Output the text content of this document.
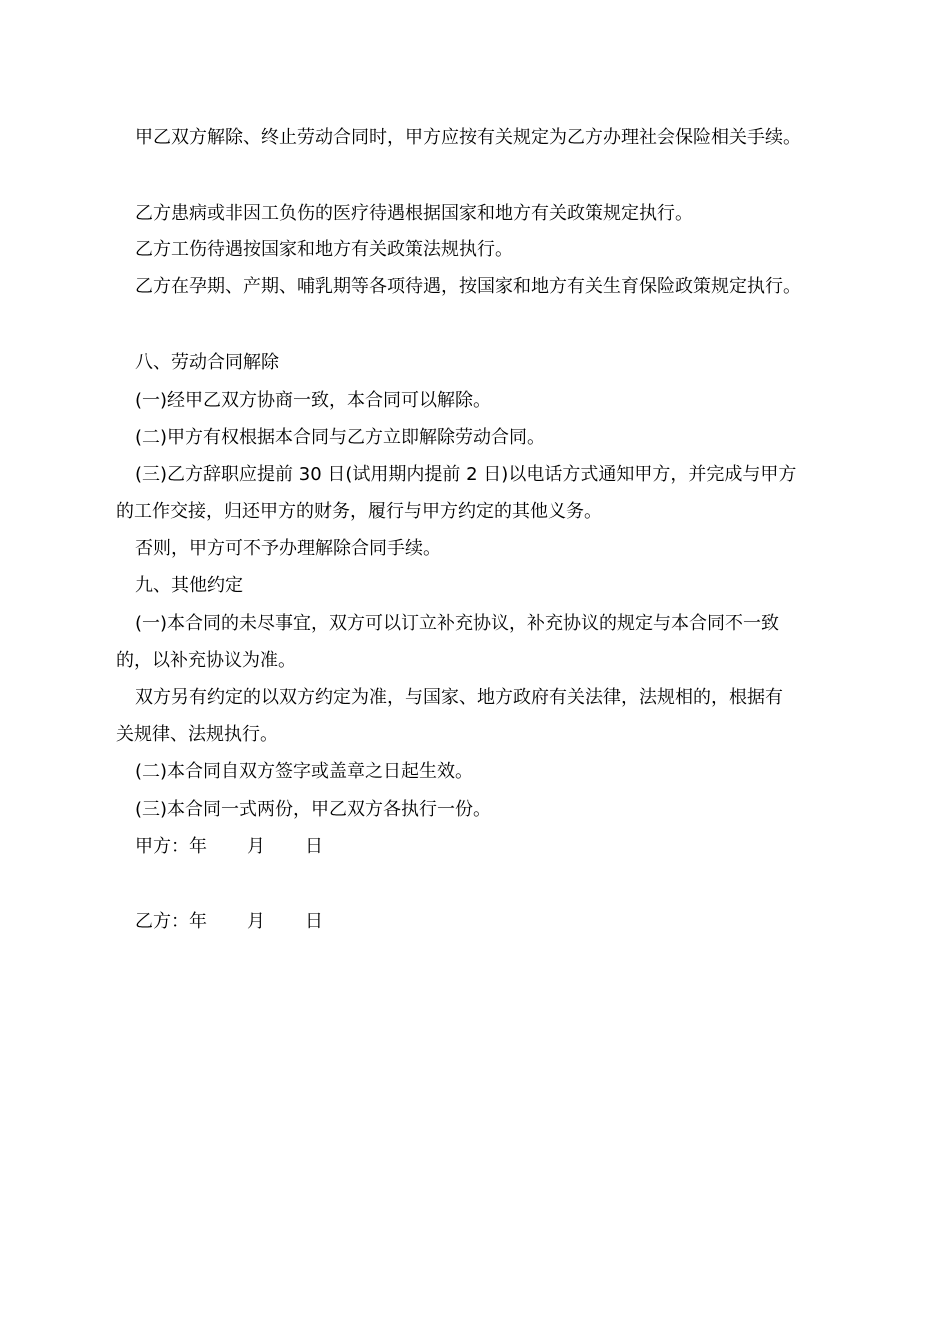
甲乙双方解除、终止劳动合同时，甲方应按有关规定为乙方办理社会保险相关手续。
乙方患病或非因工负伤的医疗待遇根据国家和地方有关政策规定执行。
乙方工伤待遇按国家和地方有关政策法规执行。
乙方在孕期、产期、哺乳期等各项待遇，按国家和地方有关生育保险政策规定执行。
八、劳动合同解除
(一)经甲乙双方协商一致，本合同可以解除。
(二)甲方有权根据本合同与乙方立即解除劳动合同。
(三)乙方辞职应提前 30 日(试用期内提前 2 日)以电话方式通知甲方，并完成与甲方
的工作交接，归还甲方的财务，履行与甲方约定的其他义务。
否则，甲方可不予办理解除合同手续。
九、其他约定
(一)本合同的未尽事宜，双方可以订立补充协议，补充协议的规定与本合同不一致
的，以补充协议为准。
双方另有约定的以双方约定为准，与国家、地方政府有关法律，法规相的，根据有
关规律、法规执行。
(二)本合同自双方签字或盖章之日起生效。
(三)本合同一式两份，甲乙双方各执行一份。
甲方：年 月 日
乙方：年 月 日
